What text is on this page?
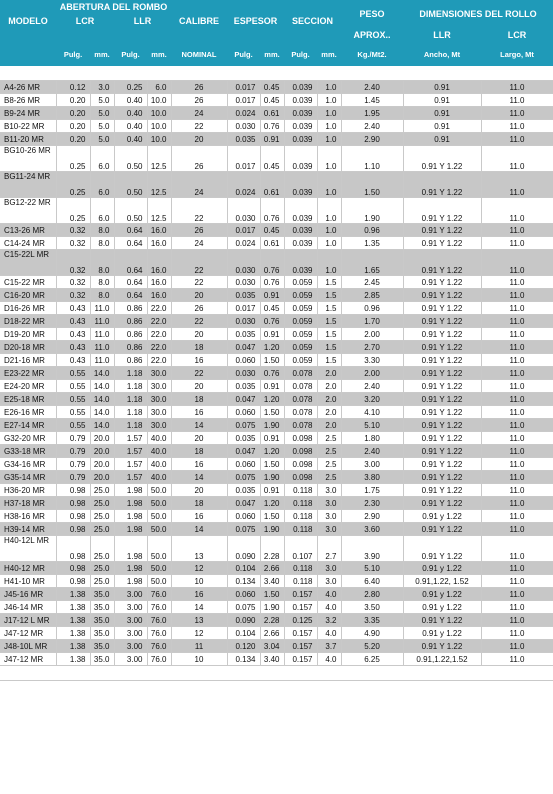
	ABERTURA DEL ROMBO									PESO	DIMENSIONES DEL ROLLO	
MODELO	LCR		LLR		CALIBRE	ESPESOR		SECCION				
										APROX..	LLR	LCR
	Pulg.	mm.	Pulg.	mm.	NOMINAL	Pulg.	mm.	Pulg.	mm.	Kg./Mt2.	Ancho, Mt	Largo, Mt

A4-26 MR	0.12	3.0	0.25	6.0	26	0.017	0.45	0.039	1.0	2.40	0.91	11.0
B8-26 MR	0.20	5.0	0.40	10.0	26	0.017	0.45	0.039	1.0	1.45	0.91	11.0
B9-24 MR	0.20	5.0	0.40	10.0	24	0.024	0.61	0.039	1.0	1.95	0.91	11.0
B10-22 MR	0.20	5.0	0.40	10.0	22	0.030	0.76	0.039	1.0	2.40	0.91	11.0
B11-20 MR	0.20	5.0	0.40	10.0	20	0.035	0.91	0.039	1.0	2.90	0.91	11.0
BG10-26 MR	0.25	6.0	0.50	12.5	26	0.017	0.45	0.039	1.0	1.10	0.91 Y 1.22	11.0
BG11-24 MR	0.25	6.0	0.50	12.5	24	0.024	0.61	0.039	1.0	1.50	0.91 Y 1.22	11.0
BG12-22 MR	0.25	6.0	0.50	12.5	22	0.030	0.76	0.039	1.0	1.90	0.91 Y 1.22	11.0
C13-26 MR	0.32	8.0	0.64	16.0	26	0.017	0.45	0.039	1.0	0.96	0.91 Y 1.22	11.0
C14-24 MR	0.32	8.0	0.64	16.0	24	0.024	0.61	0.039	1.0	1.35	0.91 Y 1.22	11.0
C15-22L MR	0.32	8.0	0.64	16.0	22	0.030	0.76	0.039	1.0	1.65	0.91 Y 1.22	11.0
C15-22 MR	0.32	8.0	0.64	16.0	22	0.030	0.76	0.059	1.5	2.45	0.91 Y 1.22	11.0
C16-20 MR	0.32	8.0	0.64	16.0	20	0.035	0.91	0.059	1.5	2.85	0.91 Y 1.22	11.0
D16-26 MR	0.43	11.0	0.86	22.0	26	0.017	0.45	0.059	1.5	0.96	0.91 Y 1.22	11.0
D18-22 MR	0.43	11.0	0.86	22.0	22	0.030	0.76	0.059	1.5	1.70	0.91 Y 1.22	11.0
D19-20 MR	0.43	11.0	0.86	22.0	20	0.035	0.91	0.059	1.5	2.00	0.91 Y 1.22	11.0
D20-18 MR	0.43	11.0	0.86	22.0	18	0.047	1.20	0.059	1.5	2.70	0.91 Y 1.22	11.0
D21-16 MR	0.43	11.0	0.86	22.0	16	0.060	1.50	0.059	1.5	3.30	0.91 Y 1.22	11.0
E23-22 MR	0.55	14.0	1.18	30.0	22	0.030	0.76	0.078	2.0	2.00	0.91 Y 1.22	11.0
E24-20 MR	0.55	14.0	1.18	30.0	20	0.035	0.91	0.078	2.0	2.40	0.91 Y 1.22	11.0
E25-18 MR	0.55	14.0	1.18	30.0	18	0.047	1.20	0.078	2.0	3.20	0.91 Y 1.22	11.0
E26-16 MR	0.55	14.0	1.18	30.0	16	0.060	1.50	0.078	2.0	4.10	0.91 Y 1.22	11.0
E27-14 MR	0.55	14.0	1.18	30.0	14	0.075	1.90	0.078	2.0	5.10	0.91 Y 1.22	11.0
G32-20 MR	0.79	20.0	1.57	40.0	20	0.035	0.91	0.098	2.5	1.80	0.91 Y 1.22	11.0
G33-18 MR	0.79	20.0	1.57	40.0	18	0.047	1.20	0.098	2.5	2.40	0.91 Y 1.22	11.0
G34-16 MR	0.79	20.0	1.57	40.0	16	0.060	1.50	0.098	2.5	3.00	0.91 Y 1.22	11.0
G35-14 MR	0.79	20.0	1.57	40.0	14	0.075	1.90	0.098	2.5	3.80	0.91 Y 1.22	11.0
H36-20 MR	0.98	25.0	1.98	50.0	20	0.035	0.91	0.118	3.0	1.75	0.91 Y 1.22	11.0
H37-18 MR	0.98	25.0	1.98	50.0	18	0.047	1.20	0.118	3.0	2.30	0.91 Y 1.22	11.0
H38-16 MR	0.98	25.0	1.98	50.0	16	0.060	1.50	0.118	3.0	2.90	0.91 y 1.22	11.0
H39-14 MR	0.98	25.0	1.98	50.0	14	0.075	1.90	0.118	3.0	3.60	0.91 Y 1.22	11.0
H40-12L MR	0.98	25.0	1.98	50.0	13	0.090	2.28	0.107	2.7	3.90	0.91 Y 1.22	11.0
H40-12 MR	0.98	25.0	1.98	50.0	12	0.104	2.66	0.118	3.0	5.10	0.91 y 1.22	11.0
H41-10 MR	0.98	25.0	1.98	50.0	10	0.134	3.40	0.118	3.0	6.40	0.91,1.22, 1.52	11.0
J45-16 MR	1.38	35.0	3.00	76.0	16	0.060	1.50	0.157	4.0	2.80	0.91 y 1.22	11.0
J46-14 MR	1.38	35.0	3.00	76.0	14	0.075	1.90	0.157	4.0	3.50	0.91 y 1.22	11.0
J17-12 L MR	1.38	35.0	3.00	76.0	13	0.090	2.28	0.125	3.2	3.35	0.91 Y 1.22	11.0
J47-12 MR	1.38	35.0	3.00	76.0	12	0.104	2.66	0.157	4.0	4.90	0.91 y 1.22	11.0
J48-10L MR	1.38	35.0	3.00	76.0	11	0.120	3.04	0.157	3.7	5.20	0.91 Y 1.22	11.0
J47-12 MR	1.38	35.0	3.00	76.0	10	0.134	3.40	0.157	4.0	6.25	0.91,1.22,1.52	11.0
